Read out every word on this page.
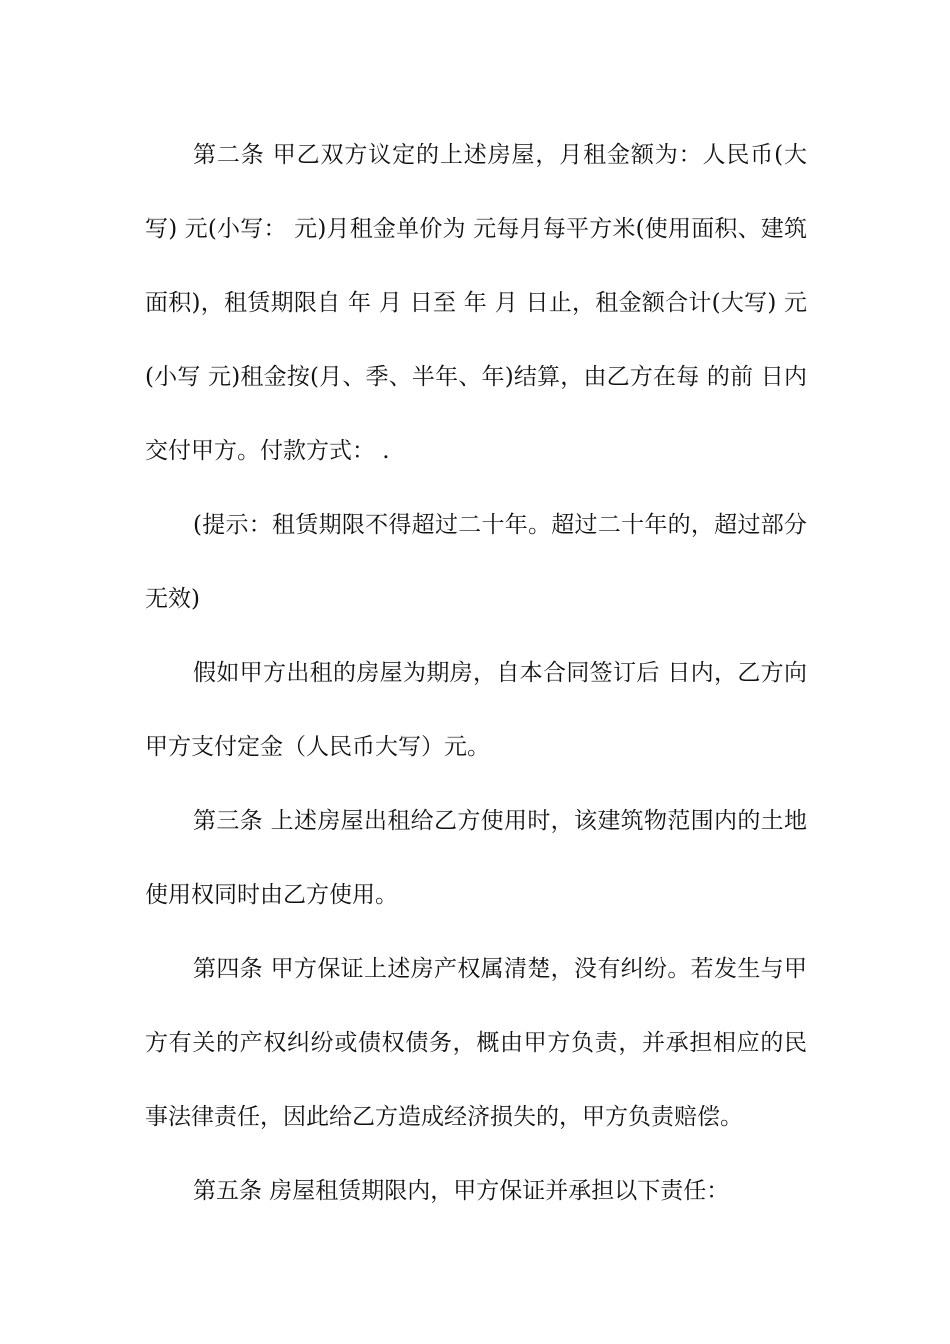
第二条 甲乙双方议定的上述房屋，月租金额为：人民币(大写) 元(小写： 元)月租金单价为 元每月每平方米(使用面积、建筑面积)，租赁期限自 年 月 日至 年 月 日止，租金额合计(大写) 元(小写 元)租金按(月、季、半年、年)结算，由乙方在每 的前 日内交付甲方。付款方式： .

(提示：租赁期限不得超过二十年。超过二十年的，超过部分无效)

假如甲方出租的房屋为期房，自本合同签订后 日内，乙方向甲方支付定金（人民币大写）元。

第三条 上述房屋出租给乙方使用时，该建筑物范围内的土地使用权同时由乙方使用。

第四条 甲方保证上述房产权属清楚，没有纠纷。若发生与甲方有关的产权纠纷或债权债务，概由甲方负责，并承担相应的民事法律责任，因此给乙方造成经济损失的，甲方负责赔偿。

第五条 房屋租赁期限内，甲方保证并承担以下责任：
